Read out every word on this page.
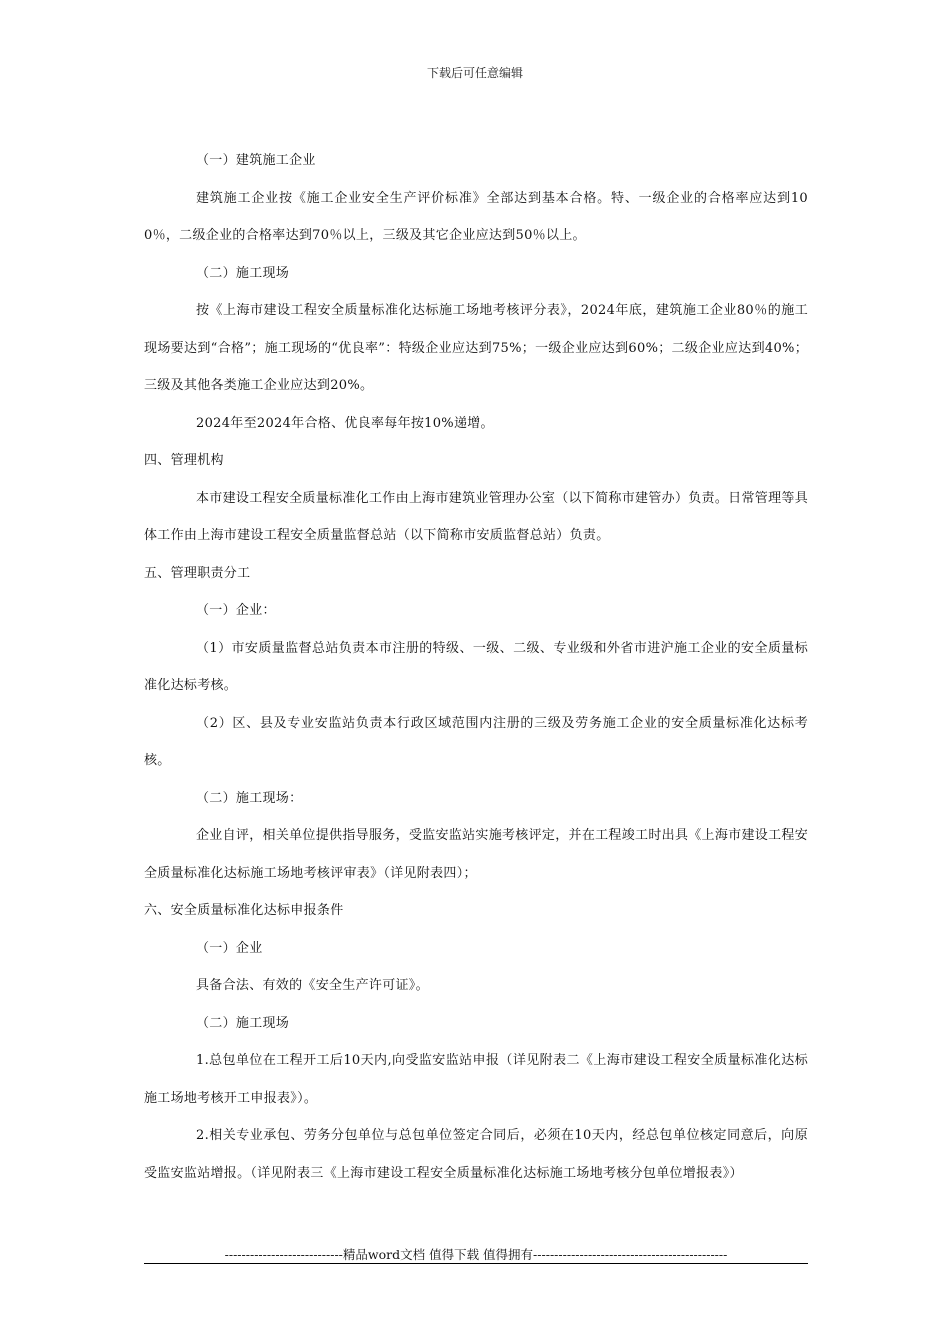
下载后可任意编辑

（一）建筑施工企业

建筑施工企业按《施工企业安全生产评价标准》全部达到基本合格。特、一级企业的合格率应达到100％，二级企业的合格率达到70％以上，三级及其它企业应达到50％以上。

（二）施工现场

按《上海市建设工程安全质量标准化达标施工场地考核评分表》，2024年底，建筑施工企业80％的施工现场要达到“合格”；施工现场的“优良率”：特级企业应达到75%；一级企业应达到60%；二级企业应达到40%；三级及其他各类施工企业应达到20%。

2024年至2024年合格、优良率每年按10%递增。

四、管理机构

本市建设工程安全质量标准化工作由上海市建筑业管理办公室（以下简称市建管办）负责。日常管理等具体工作由上海市建设工程安全质量监督总站（以下简称市安质监督总站）负责。

五、管理职责分工

（一）企业：

（1）市安质量监督总站负责本市注册的特级、一级、二级、专业级和外省市进沪施工企业的安全质量标准化达标考核。

（2）区、县及专业安监站负责本行政区域范围内注册的三级及劳务施工企业的安全质量标准化达标考核。

（二）施工现场：

企业自评，相关单位提供指导服务，受监安监站实施考核评定，并在工程竣工时出具《上海市建设工程安全质量标准化达标施工场地考核评审表》（详见附表四）；

六、安全质量标准化达标申报条件

（一）企业

具备合法、有效的《安全生产许可证》。

（二）施工现场

1.总包单位在工程开工后10天内,向受监安监站申报（详见附表二《上海市建设工程安全质量标准化达标施工场地考核开工申报表》）。

2.相关专业承包、劳务分包单位与总包单位签定合同后，必须在10天内，经总包单位核定同意后，向原受监安监站增报。（详见附表三《上海市建设工程安全质量标准化达标施工场地考核分包单位增报表》）

----------------------------精品word文档 值得下载 值得拥有----------------------------------------------
